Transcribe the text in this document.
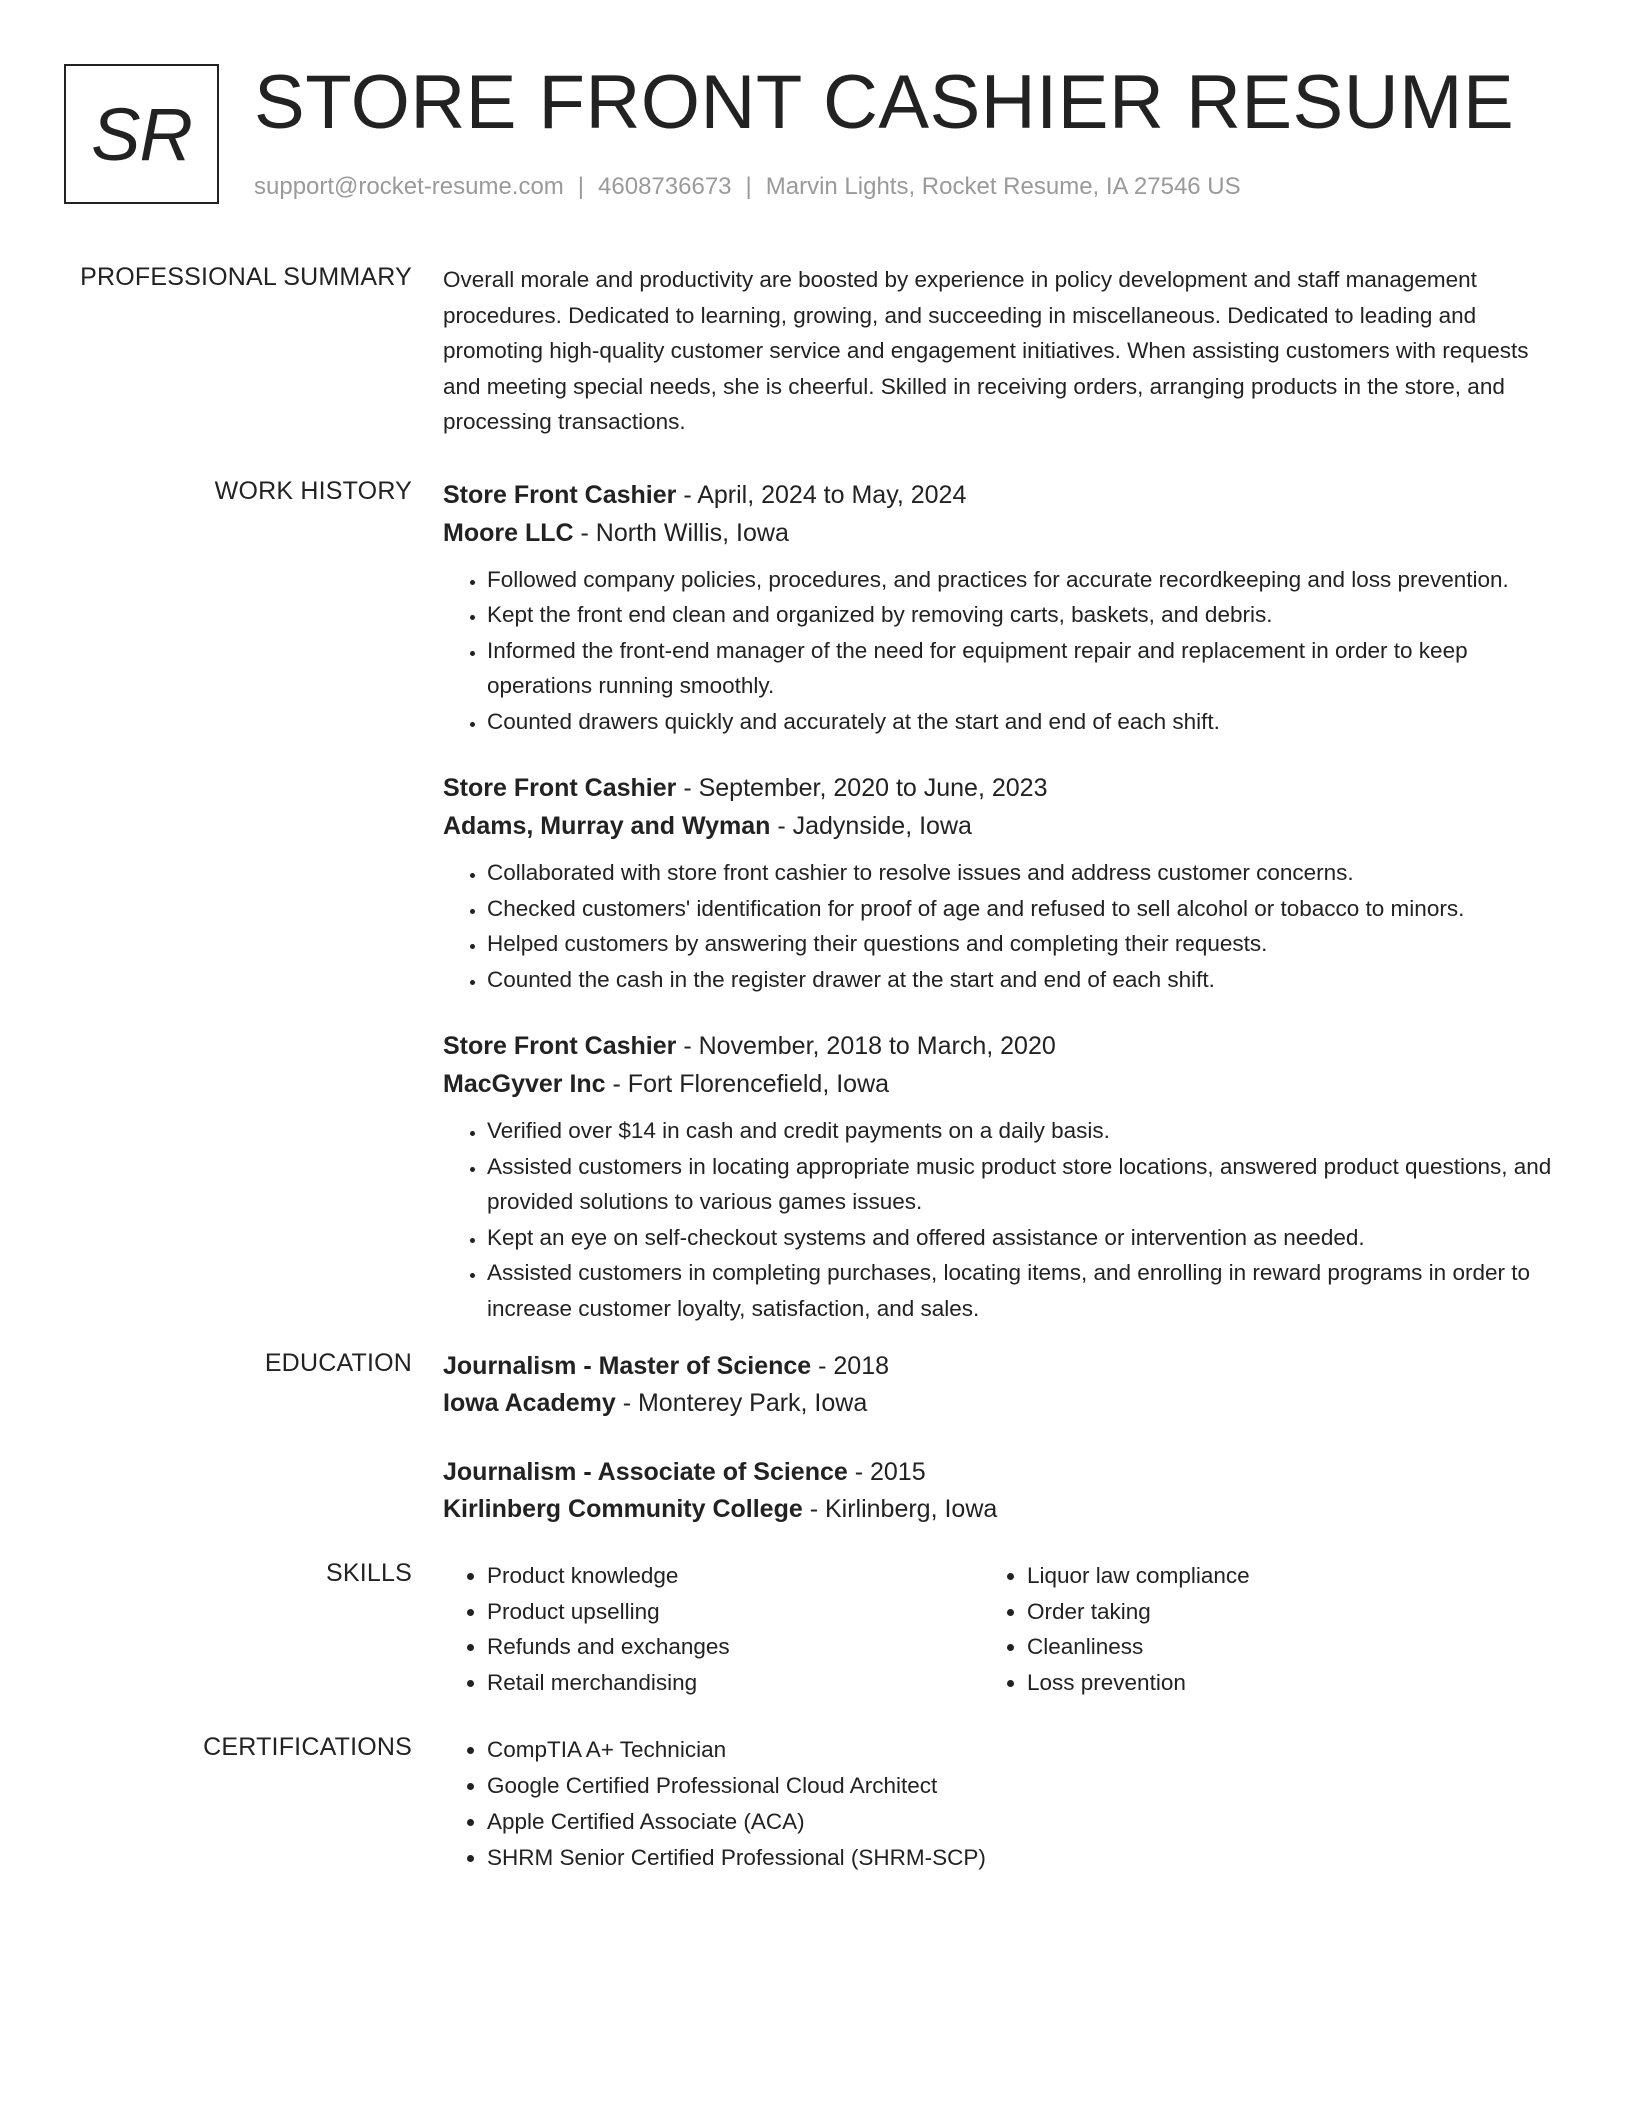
SR STORE FRONT CASHIER RESUME
support@rocket-resume.com | 4608736673 | Marvin Lights, Rocket Resume, IA 27546 US
PROFESSIONAL SUMMARY Overall morale and productivity are boosted by experience in policy development and staff management procedures. Dedicated to learning, growing, and succeeding in miscellaneous. Dedicated to leading and promoting high-quality customer service and engagement initiatives. When assisting customers with requests and meeting special needs, she is cheerful. Skilled in receiving orders, arranging products in the store, and processing transactions.

WORK HISTORY Store Front Cashier - April, 2024 to May, 2024
Moore LLC - North Willis, Iowa
• Followed company policies, procedures, and practices for accurate recordkeeping and loss prevention.
• Kept the front end clean and organized by removing carts, baskets, and debris.
• Informed the front-end manager of the need for equipment repair and replacement in order to keep operations running smoothly.
• Counted drawers quickly and accurately at the start and end of each shift.
Store Front Cashier - September, 2020 to June, 2023
Adams, Murray and Wyman - Jadynside, Iowa
• Collaborated with store front cashier to resolve issues and address customer concerns.
• Checked customers' identification for proof of age and refused to sell alcohol or tobacco to minors.
• Helped customers by answering their questions and completing their requests.
• Counted the cash in the register drawer at the start and end of each shift.
Store Front Cashier - November, 2018 to March, 2020
MacGyver Inc - Fort Florencefield, Iowa
• Verified over $14 in cash and credit payments on a daily basis.
• Assisted customers in locating appropriate music product store locations, answered product questions, and provided solutions to various games issues.
• Kept an eye on self-checkout systems and offered assistance or intervention as needed.
• Assisted customers in completing purchases, locating items, and enrolling in reward programs in order to increase customer loyalty, satisfaction, and sales.
EDUCATION Journalism - Master of Science - 2018
Iowa Academy - Monterey Park, Iowa
Journalism - Associate of Science - 2015
Kirlinberg Community College - Kirlinberg, Iowa
SKILLS	• Product knowledge
• Product upselling
• Refunds and exchanges
• Retail merchandising
• Liquor law compliance
• Order taking
• Cleanliness
• Loss prevention
CERTIFICATIONS	• CompTIA A+ Technician
• Google Certified Professional Cloud Architect
• Apple Certified Associate (ACA)
• SHRM Senior Certified Professional (SHRM-SCP)
